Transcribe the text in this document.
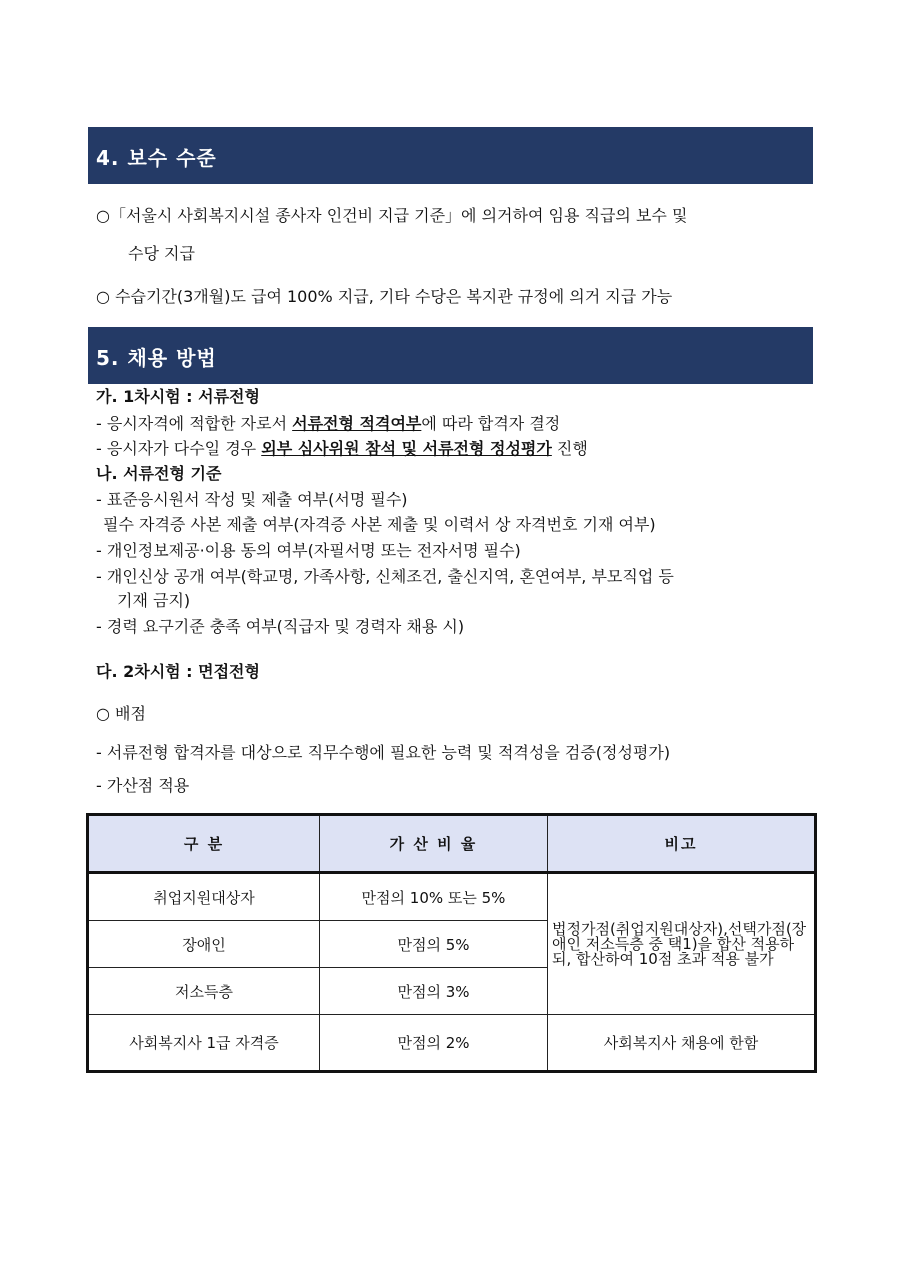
4. 보수 수준
○「서울시 사회복지시설 종사자 인건비 지급 기준」에 의거하여 임용 직급의 보수 및
수당 지급
○ 수습기간(3개월)도 급여 100% 지급, 기타 수당은 복지관 규정에 의거 지급 가능
5. 채용 방법
가. 1차시험 : 서류전형
- 응시자격에 적합한 자로서 서류전형 적격여부에 따라 합격자 결정
- 응시자가 다수일 경우 외부 심사위원 참석 및 서류전형 정성평가 진행
나. 서류전형 기준
- 표준응시원서 작성 및 제출 여부(서명 필수)
필수 자격증 사본 제출 여부(자격증 사본 제출 및 이력서 상 자격번호 기재 여부)
- 개인정보제공·이용 동의 여부(자필서명 또는 전자서명 필수)
- 개인신상 공개 여부(학교명, 가족사항, 신체조건, 출신지역, 혼연여부, 부모직업 등
기재 금지)
- 경력 요구기준 충족 여부(직급자 및 경력자 채용 시)
다. 2차시험 : 면접전형
○ 배점
- 서류전형 합격자를 대상으로 직무수행에 필요한 능력 및 적격성을 검증(정성평가)
- 가산점 적용
구 분	가 산 비 율	비고
취업지원대상자	만점의 10% 또는 5%	법정가점(취업지원대상자),선택가점(장애인 저소득층 중 택1)을 합산 적용하되, 합산하여 10점 초과 적용 불가
장애인	만점의 5%	
저소득층	만점의 3%	
사회복지사 1급 자격증	만점의 2%	사회복지사 채용에 한함
